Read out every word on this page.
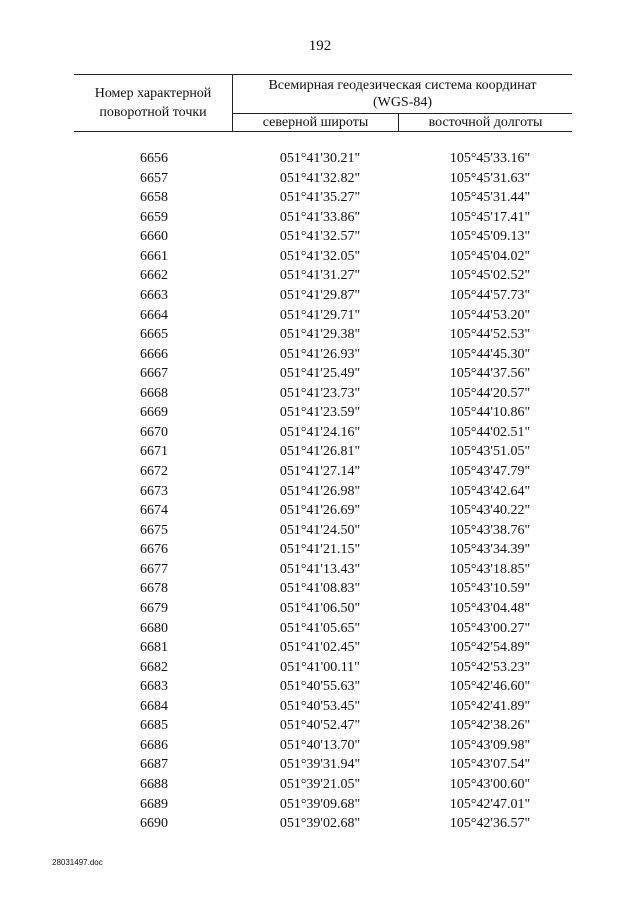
192
Номер характерной
поворотной точки
Всемирная геодезическая система координат
(WGS-84)
северной широты	восточной долготы
6656	051°41'30.21"	105°45'33.16"
6657	051°41'32.82"	105°45'31.63"
6658	051°41'35.27"	105°45'31.44"
6659	051°41'33.86"	105°45'17.41"
6660	051°41'32.57"	105°45'09.13"
6661	051°41'32.05"	105°45'04.02"
6662	051°41'31.27"	105°45'02.52"
6663	051°41'29.87"	105°44'57.73"
6664	051°41'29.71"	105°44'53.20"
6665	051°41'29.38"	105°44'52.53"
6666	051°41'26.93"	105°44'45.30"
6667	051°41'25.49"	105°44'37.56"
6668	051°41'23.73"	105°44'20.57"
6669	051°41'23.59"	105°44'10.86"
6670	051°41'24.16"	105°44'02.51"
6671	051°41'26.81"	105°43'51.05"
6672	051°41'27.14"	105°43'47.79"
6673	051°41'26.98"	105°43'42.64"
6674	051°41'26.69"	105°43'40.22"
6675	051°41'24.50"	105°43'38.76"
6676	051°41'21.15"	105°43'34.39"
6677	051°41'13.43"	105°43'18.85"
6678	051°41'08.83"	105°43'10.59"
6679	051°41'06.50"	105°43'04.48"
6680	051°41'05.65"	105°43'00.27"
6681	051°41'02.45"	105°42'54.89"
6682	051°41'00.11"	105°42'53.23"
6683	051°40'55.63"	105°42'46.60"
6684	051°40'53.45"	105°42'41.89"
6685	051°40'52.47"	105°42'38.26"
6686	051°40'13.70"	105°43'09.98"
6687	051°39'31.94"	105°43'07.54"
6688	051°39'21.05"	105°43'00.60"
6689	051°39'09.68"	105°42'47.01"
6690	051°39'02.68"	105°42'36.57"
28031497.doc
